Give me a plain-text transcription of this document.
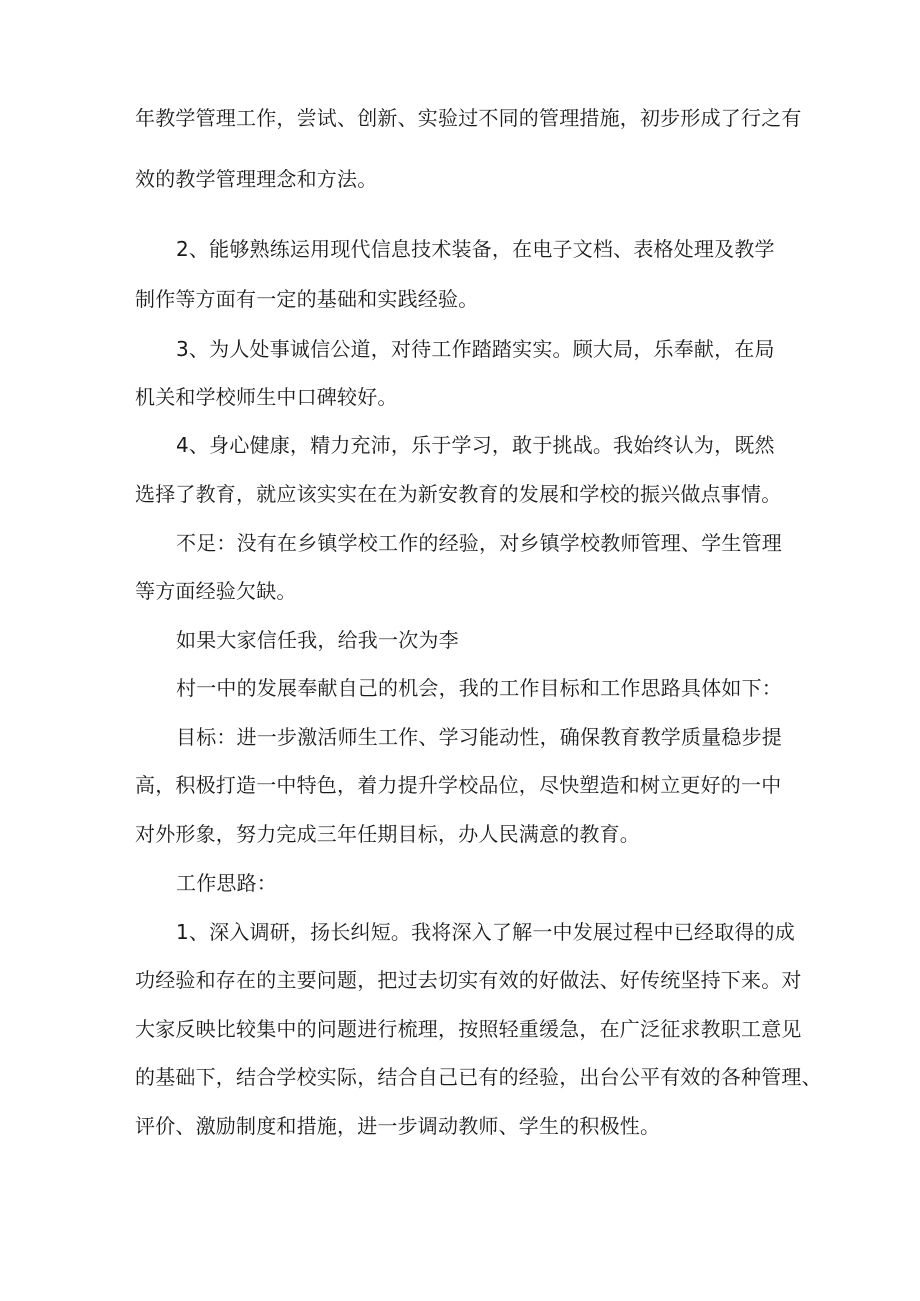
年教学管理工作，尝试、创新、实验过不同的管理措施，初步形成了行之有
效的教学管理理念和方法。
2、能够熟练运用现代信息技术装备，在电子文档、表格处理及教学
制作等方面有一定的基础和实践经验。
3、为人处事诚信公道，对待工作踏踏实实。顾大局，乐奉献，在局
机关和学校师生中口碑较好。
4、身心健康，精力充沛，乐于学习，敢于挑战。我始终认为，既然
选择了教育，就应该实实在在为新安教育的发展和学校的振兴做点事情。
不足：没有在乡镇学校工作的经验，对乡镇学校教师管理、学生管理
等方面经验欠缺。
如果大家信任我，给我一次为李
村一中的发展奉献自己的机会，我的工作目标和工作思路具体如下：
目标：进一步激活师生工作、学习能动性，确保教育教学质量稳步提
高，积极打造一中特色，着力提升学校品位，尽快塑造和树立更好的一中
对外形象，努力完成三年任期目标，办人民满意的教育。
工作思路：
1、深入调研，扬长纠短。我将深入了解一中发展过程中已经取得的成
功经验和存在的主要问题，把过去切实有效的好做法、好传统坚持下来。对
大家反映比较集中的问题进行梳理，按照轻重缓急，在广泛征求教职工意见
的基础下，结合学校实际，结合自己已有的经验，出台公平有效的各种管理、
评价、激励制度和措施，进一步调动教师、学生的积极性。
